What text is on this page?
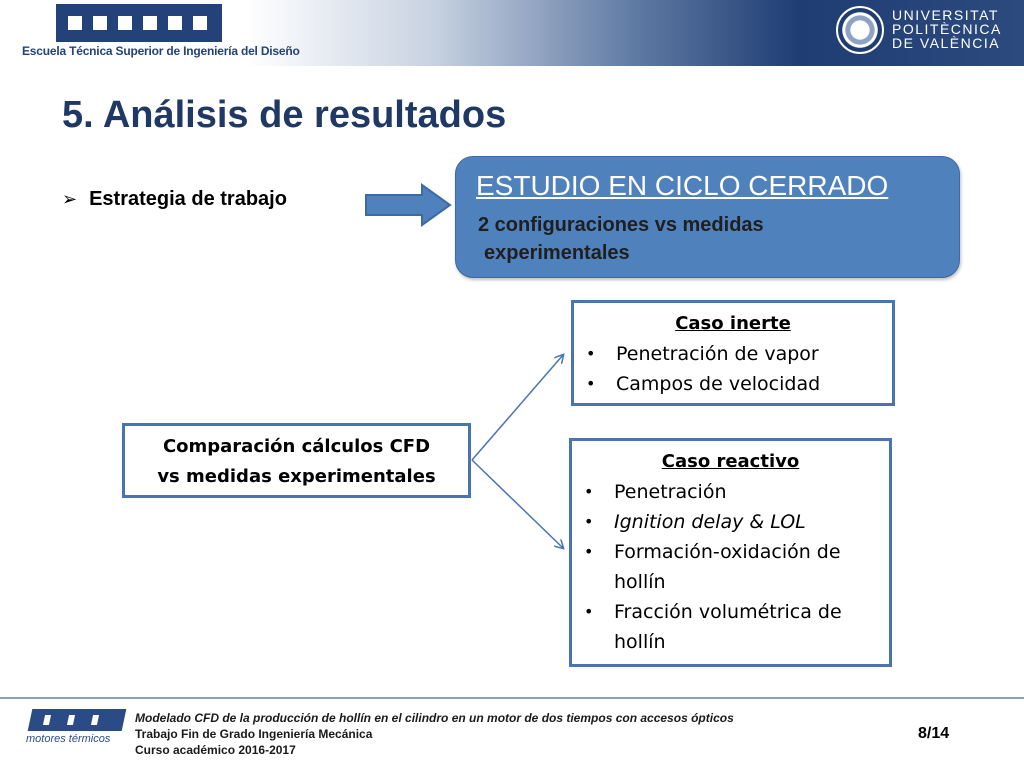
Escuela Técnica Superior de Ingeniería del Diseño
UNIVERSITAT
POLITÈCNICA
DE VALÈNCIA
5. Análisis de resultados
➢ Estrategia de trabajo	ESTUDIO EN CICLO CERRADO
2 configuraciones vs medidas
experimentales
Comparación cálculos CFD
vs medidas experimentales
Caso inerte
• Penetración de vapor
• Campos de velocidad
Caso reactivo
• Penetración
• Ignition delay & LOL
• Formación-oxidación de
hollín
• Fracción volumétrica de
hollín
motores térmicos
Modelado CFD de la producción de hollín en el cilindro en un motor de dos tiempos con accesos ópticos
Trabajo Fin de Grado Ingeniería Mecánica
Curso académico 2016-2017
8/14
